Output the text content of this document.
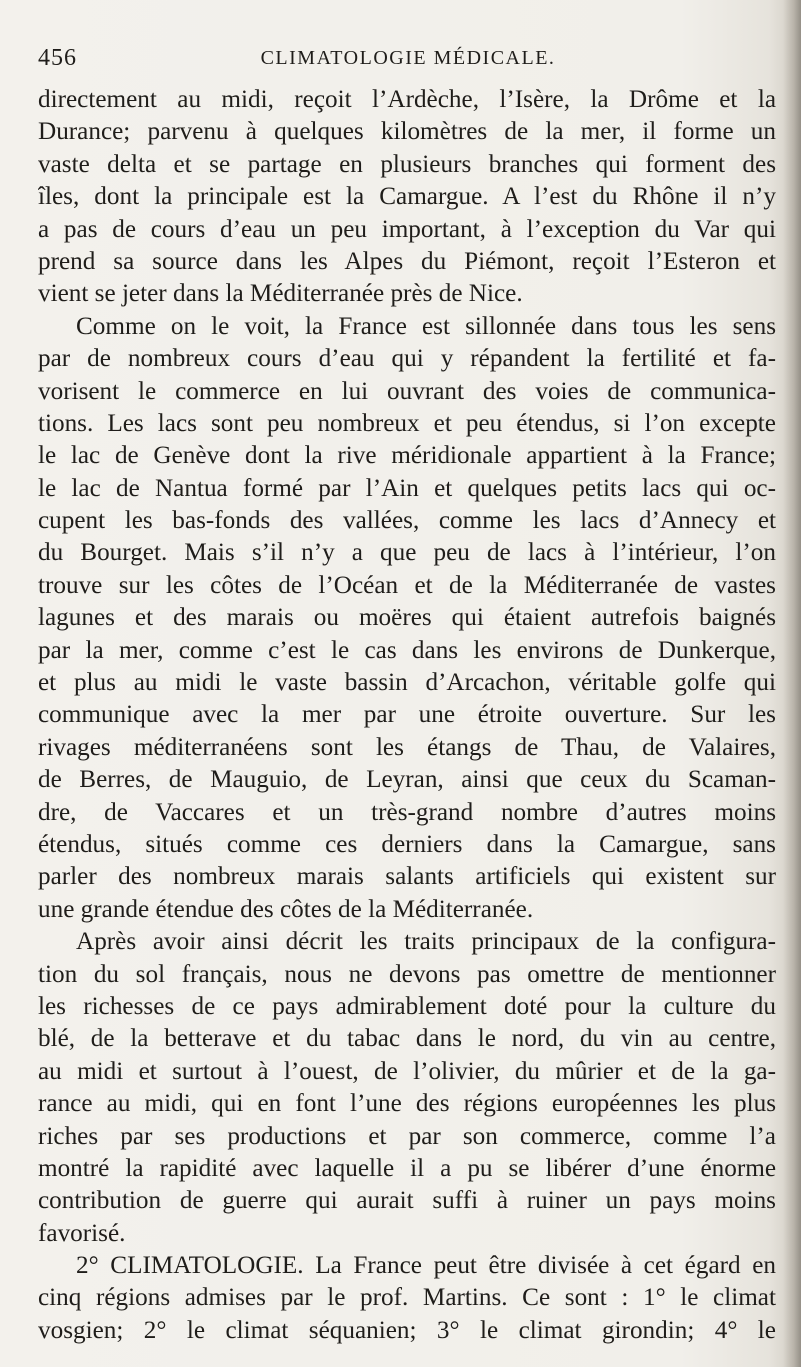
456	CLIMATOLOGIE MÉDICALE.
directement au midi, reçoit l’Ardèche, l’Isère, la Drôme et la
Durance; parvenu à quelques kilomètres de la mer, il forme un
vaste delta et se partage en plusieurs branches qui forment des
îles, dont la principale est la Camargue. A l’est du Rhône il n’y
a pas de cours d’eau un peu important, à l’exception du Var qui
prend sa source dans les Alpes du Piémont, reçoit l’Esteron et
vient se jeter dans la Méditerranée près de Nice.
Comme on le voit, la France est sillonnée dans tous les sens
par de nombreux cours d’eau qui y répandent la fertilité et fa-
vorisent le commerce en lui ouvrant des voies de communica-
tions. Les lacs sont peu nombreux et peu étendus, si l’on excepte
le lac de Genève dont la rive méridionale appartient à la France;
le lac de Nantua formé par l’Ain et quelques petits lacs qui oc-
cupent les bas-fonds des vallées, comme les lacs d’Annecy et
du Bourget. Mais s’il n’y a que peu de lacs à l’intérieur, l’on
trouve sur les côtes de l’Océan et de la Méditerranée de vastes
lagunes et des marais ou moëres qui étaient autrefois baignés
par la mer, comme c’est le cas dans les environs de Dunkerque,
et plus au midi le vaste bassin d’Arcachon, véritable golfe qui
communique avec la mer par une étroite ouverture. Sur les
rivages méditerranéens sont les étangs de Thau, de Valaires,
de Berres, de Mauguio, de Leyran, ainsi que ceux du Scaman-
dre, de Vaccares et un très-grand nombre d’autres moins
étendus, situés comme ces derniers dans la Camargue, sans
parler des nombreux marais salants artificiels qui existent sur
une grande étendue des côtes de la Méditerranée.
Après avoir ainsi décrit les traits principaux de la configura-
tion du sol français, nous ne devons pas omettre de mentionner
les richesses de ce pays admirablement doté pour la culture du
blé, de la betterave et du tabac dans le nord, du vin au centre,
au midi et surtout à l’ouest, de l’olivier, du mûrier et de la ga-
rance au midi, qui en font l’une des régions européennes les plus
riches par ses productions et par son commerce, comme l’a
montré la rapidité avec laquelle il a pu se libérer d’une énorme
contribution de guerre qui aurait suffi à ruiner un pays moins
favorisé.
2° CLIMATOLOGIE. La France peut être divisée à cet égard en
cinq régions admises par le prof. Martins. Ce sont : 1° le climat
vosgien; 2° le climat séquanien; 3° le climat girondin; 4° le
